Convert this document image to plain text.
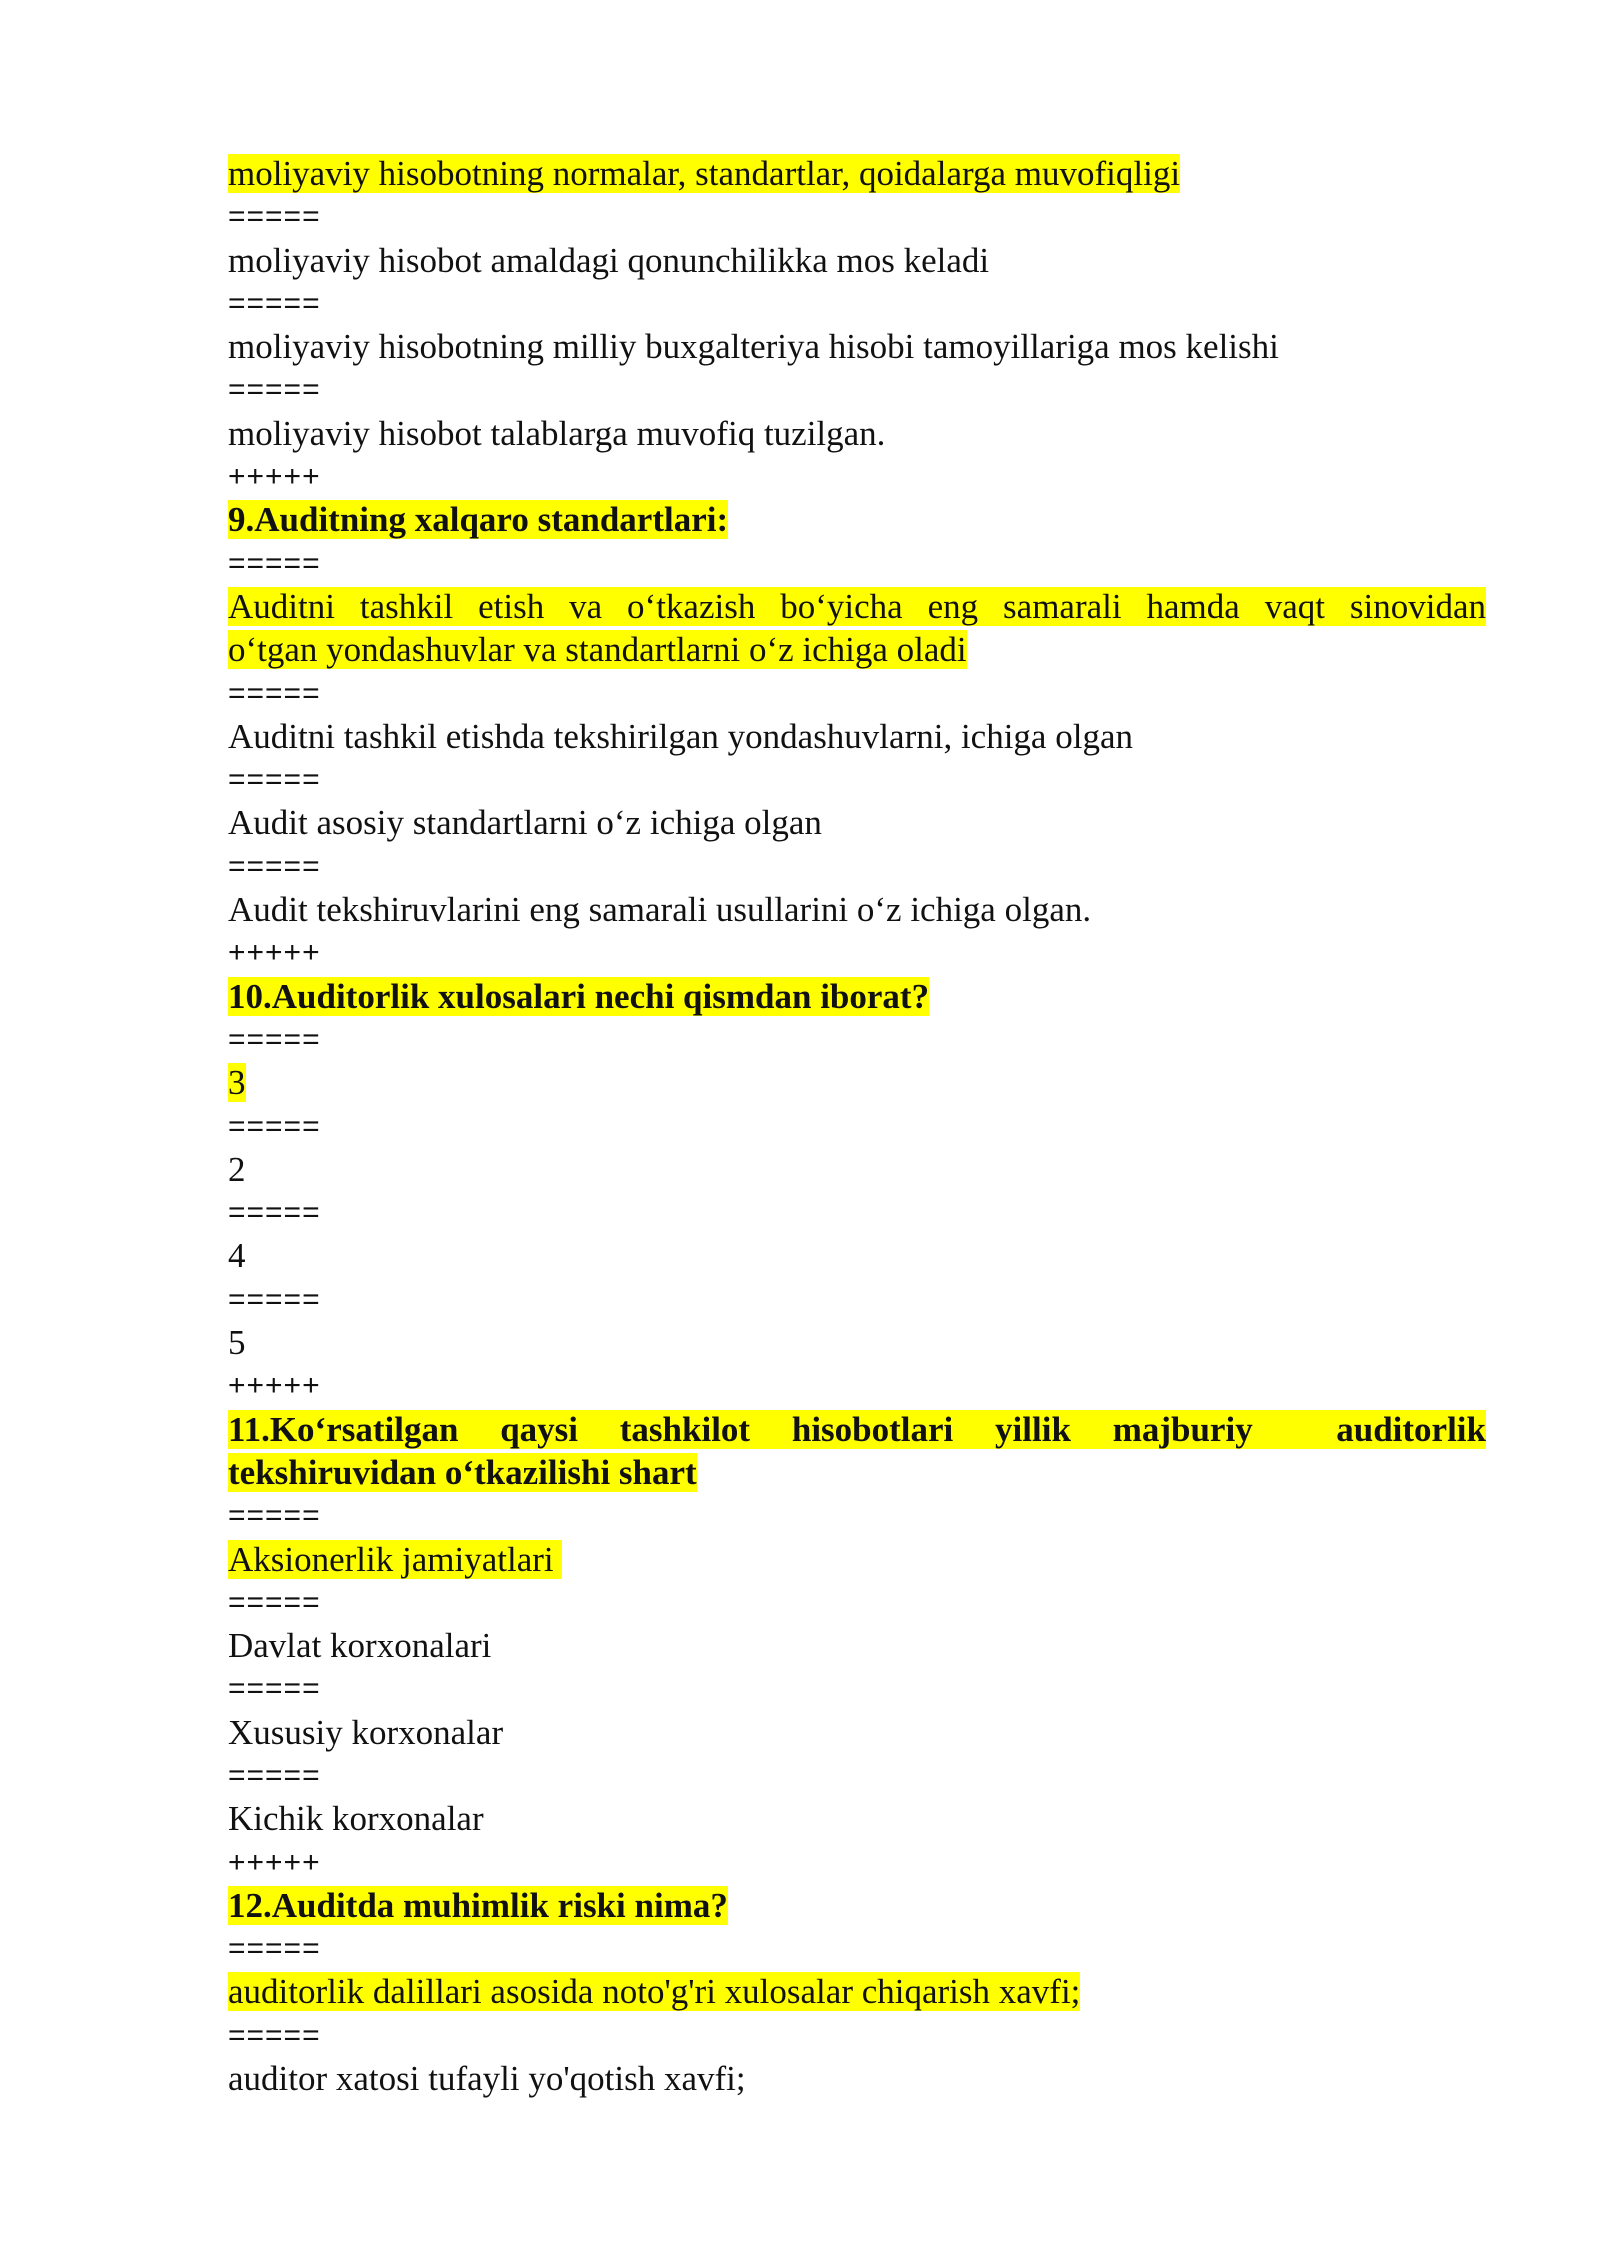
moliyaviy hisobotning normalar, standartlar, qoidalarga muvofiqligi

=====

moliyaviy hisobot amaldagi qonunchilikka mos keladi

=====

moliyaviy hisobotning milliy buxgalteriya hisobi tamoyillariga mos kelishi

=====

moliyaviy hisobot talablarga muvofiq tuzilgan.

+++++

9.Auditning xalqaro standartlari:

=====

Auditni tashkil etish va o‘tkazish bo‘yicha eng samarali hamda vaqt sinovidan

o‘tgan yondashuvlar va standartlarni o‘z ichiga oladi

=====

Auditni tashkil etishda tekshirilgan yondashuvlarni, ichiga olgan

=====

Audit asosiy standartlarni o‘z ichiga olgan

=====

Audit tekshiruvlarini eng samarali usullarini o‘z ichiga olgan.

+++++

10.Auditorlik xulosalari nechi qismdan iborat?

=====

3

=====

2

=====

4

=====

5

+++++

11.Ko‘rsatilgan qaysi tashkilot hisobotlari yillik majburiy  auditorlik

tekshiruvidan o‘tkazilishi shart

=====

Aksionerlik jamiyatlari

=====

Davlat korxonalari

=====

Xususiy korxonalar

=====

Kichik korxonalar

+++++

12.Auditda muhimlik riski nima?

=====

auditorlik dalillari asosida noto'g'ri xulosalar chiqarish xavfi;

=====

auditor xatosi tufayli yo'qotish xavfi;
